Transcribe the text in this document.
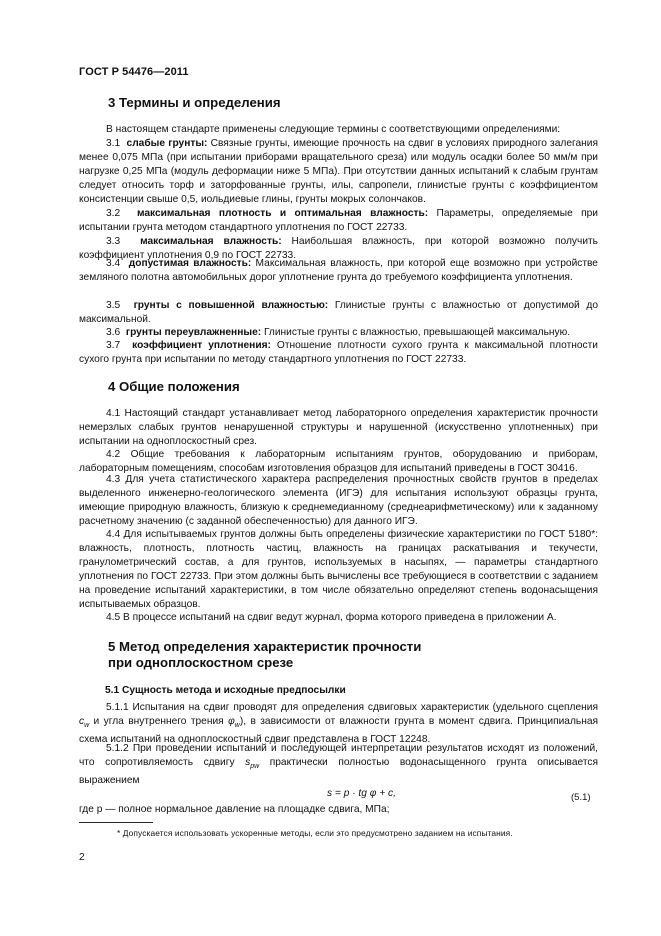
ГОСТ Р 54476—2011
3 Термины и определения
В настоящем стандарте применены следующие термины с соответствующими определениями:
3.1 слабые грунты: Связные грунты, имеющие прочность на сдвиг в условиях природного залегания менее 0,075 МПа (при испытании приборами вращательного среза) или модуль осадки более 50 мм/м при нагрузке 0,25 МПа (модуль деформации ниже 5 МПа). При отсутствии данных испытаний к слабым грунтам следует относить торф и заторфованные грунты, илы, сапропели, глинистые грунты с коэффициентом консистенции свыше 0,5, иольдиевые глины, грунты мокрых солончаков.
3.2 максимальная плотность и оптимальная влажность: Параметры, определяемые при испытании грунта методом стандартного уплотнения по ГОСТ 22733.
3.3 максимальная влажность: Наибольшая влажность, при которой возможно получить коэффициент уплотнения 0,9 по ГОСТ 22733.
3.4 допустимая влажность: Максимальная влажность, при которой еще возможно при устройстве земляного полотна автомобильных дорог уплотнение грунта до требуемого коэффициента уплотнения.
3.5 грунты с повышенной влажностью: Глинистые грунты с влажностью от допустимой до максимальной.
3.6 грунты переувлажненные: Глинистые грунты с влажностью, превышающей максимальную.
3.7 коэффициент уплотнения: Отношение плотности сухого грунта к максимальной плотности сухого грунта при испытании по методу стандартного уплотнения по ГОСТ 22733.
4 Общие положения
4.1 Настоящий стандарт устанавливает метод лабораторного определения характеристик прочности немерзлых слабых грунтов ненарушенной структуры и нарушенной (искусственно уплотненных) при испытании на одноплоскостный срез.
4.2 Общие требования к лабораторным испытаниям грунтов, оборудованию и приборам, лабораторным помещениям, способам изготовления образцов для испытаний приведены в ГОСТ 30416.
4.3 Для учета статистического характера распределения прочностных свойств грунтов в пределах выделенного инженерно-геологического элемента (ИГЭ) для испытания используют образцы грунта, имеющие природную влажность, близкую к среднемедианному (среднеарифметическому) или к заданному расчетному значению (с заданной обеспеченностью) для данного ИГЭ.
4.4 Для испытываемых грунтов должны быть определены физические характеристики по ГОСТ 5180*: влажность, плотность, плотность частиц, влажность на границах раскатывания и текучести, гранулометрический состав, а для грунтов, используемых в насыпях, — параметры стандартного уплотнения по ГОСТ 22733. При этом должны быть вычислены все требующиеся в соответствии с заданием на проведение испытаний характеристики, в том числе обязательно определяют степень водонасыщения испытываемых образцов.
4.5 В процессе испытаний на сдвиг ведут журнал, форма которого приведена в приложении А.
5 Метод определения характеристик прочности
при одноплоскостном срезе
5.1 Сущность метода и исходные предпосылки
5.1.1 Испытания на сдвиг проводят для определения сдвиговых характеристик (удельного сцепления $c_w$ и угла внутреннего трения $\varphi_w$), в зависимости от влажности грунта в момент сдвига. Принципиальная схема испытаний на одноплоскостный сдвиг представлена в ГОСТ 12248.
5.1.2 При проведении испытаний и последующей интерпретации результатов исходят из положений, что сопротивляемость сдвигу $s_{pw}$ практически полностью водонасыщенного грунта описывается выражением
s = p · tg φ + c,	(5.1)
где p — полное нормальное давление на площадке сдвига, МПа;
* Допускается использовать ускоренные методы, если это предусмотрено заданием на испытания.
2
